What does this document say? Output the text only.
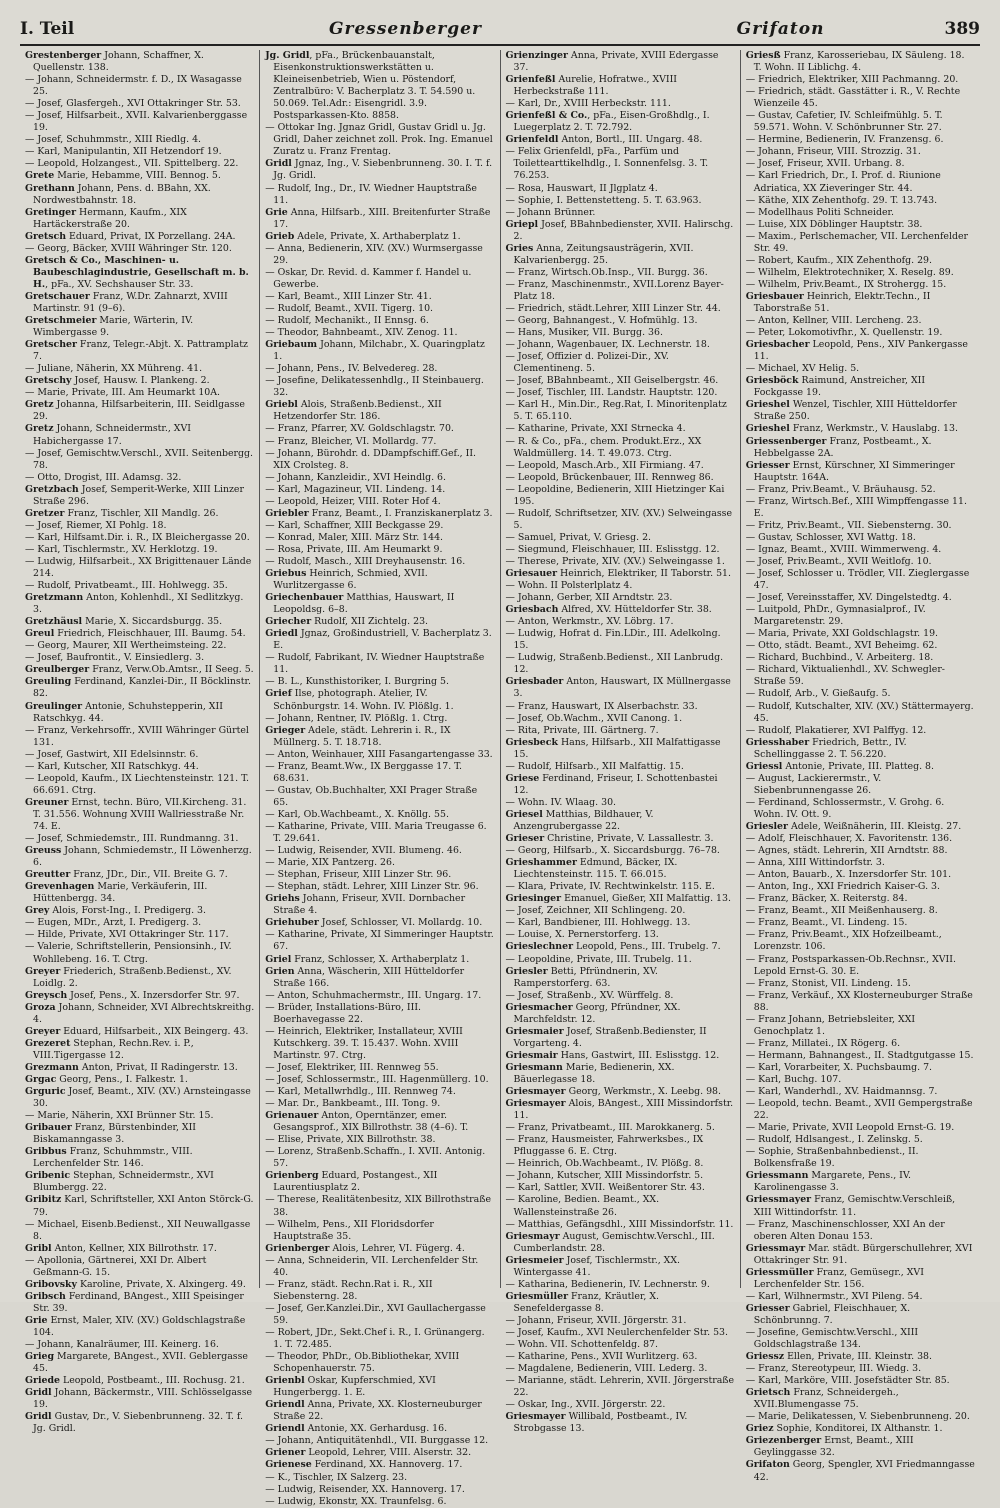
I. Teil	Gressenberger	Grifaton	389

Grestenberger Johann, Schaffner, X. Quellenstr. 138.

— Johann, Schneidermstr. f. D., IX Wasagasse 25.

— Josef, Glasfergeh., XVI Ottakringer Str. 53.

— Josef, Hilfsarbeit., XVII. Kalvarienberggasse 19.

— Josef, Schuhmmstr., XIII Riedlg. 4.

— Karl, Manipulantin, XII Hetzendorf 19.

— Leopold, Holzangest., VII. Spittelberg. 22.

Grete Marie, Hebamme, VIII. Bennog. 5.

Grethann Johann, Pens. d. BBahn, XX. Nordwestbahnstr. 18.

Gretinger Hermann, Kaufm., XIX Hartäckerstraße 20.

Gretsch Eduard, Privat, IX Porzellang. 24A.

— Georg, Bäcker, XVIII Währinger Str. 120.

Gretsch & Co., Maschinen- u. Baubeschlagindustrie, Gesellschaft m. b. H., pFa., XV. Sechshauser Str. 33.

Gretschauer Franz, W.Dr. Zahnarzt, XVIII Martinstr. 91 (9–6).

Gretschmeier Marie, Wärterin, IV. Wimbergasse 9.

Gretscher Franz, Telegr.-Abjt. X. Pattramplatz 7.

— Juliane, Näherin, XX Mühreng. 41.

Gretschy Josef, Hausw. I. Plankeng. 2.

— Marie, Private, III. Am Heumarkt 10A.

Gretz Johanna, Hilfsarbeiterin, III. Seidlgasse 29.

Gretz Johann, Schneidermstr., XVI Habichergasse 17.

— Josef, Gemischtw.Verschl., XVII. Seitenbergg. 78.

— Otto, Drogist, III. Adamsg. 32.

Gretzbach Josef, Semperit-Werke, XIII Linzer Straße 296.

Gretzer Franz, Tischler, XII Mandlg. 26.

— Josef, Riemer, XI Pohlg. 18.

— Karl, Hilfsamt.Dir. i. R., IX Bleichergasse 20.

— Karl, Tischlermstr., XV. Herklotzg. 19.

— Ludwig, Hilfsarbeit., XX Brigittenauer Lände 214.

— Rudolf, Privatbeamt., III. Hohlwegg. 35.

Gretzmann Anton, Kohlenhdl., XI Sedlitzkyg. 3.

Gretzhäusl Marie, X. Siccardsburgg. 35.

Greul Friedrich, Fleischhauer, III. Baumg. 54.

— Georg, Maurer, XII Wertheimsteing. 22.

— Josef, Baufrontit., V. Einsiedlerg. 3.

Greulberger Franz, Verw.Ob.Amtsr., II Seeg. 5.

Greuling Ferdinand, Kanzlei-Dir., II Böcklinstr. 82.

Greulinger Antonie, Schuhstepperin, XII Ratschkyg. 44.

— Franz, Verkehrsoffr., XVIII Währinger Gürtel 131.

— Josef, Gastwirt, XII Edelsinnstr. 6.

— Karl, Kutscher, XII Ratschkyg. 44.

— Leopold, Kaufm., IX Liechtensteinstr. 121. T. 66.691. Ctrg.

Greuner Ernst, techn. Büro, VII.Kircheng. 31. T. 31.556. Wohnung XVIII Wallriesstraße Nr. 74. E.

— Josef, Schmiedemstr., III. Rundmanng. 31.

Greuss Johann, Schmiedemstr., II Löwenherzg. 6.

Greutter Franz, JDr., Dir., VII. Breite G. 7.

Grevenhagen Marie, Verkäuferin, III. Hüttenbergg. 34.

Grey Alois, Forst-Ing., I. Predigerg. 3.

— Eugen, MDr., Arzt, I. Predigerg. 3.

— Hilde, Private, XVI Ottakringer Str. 117.

— Valerie, Schriftstellerin, Pensionsinh., IV. Wohllebeng. 16. T. Ctrg.

Greyer Friederich, Straßenb.Bedienst., XV. Loidlg. 2.

Greysch Josef, Pens., X. Inzersdorfer Str. 97.

Groza Johann, Schneider, XVI Albrechtskreithg. 4.

Greyer Eduard, Hilfsarbeit., XIX Beingerg. 43.

Grezeret Stephan, Rechn.Rev. i. P., VIII.Tigergasse 12.

Grezmann Anton, Privat, II Radingerstr. 13.

Grgac Georg, Pens., I. Falkestr. 1.

Grguric Josef, Beamt., XIV. (XV.) Arnsteingasse 30.

— Marie, Näherin, XXI Brünner Str. 15.

Gribauer Franz, Bürstenbinder, XII Biskamanngasse 3.

Gribbus Franz, Schuhmmstr., VIII. Lerchenfelder Str. 146.

Gribenic Stephan, Schneidermstr., XVI Blumbergg. 22.

Gribitz Karl, Schriftsteller, XXI Anton Störck-G. 79.

— Michael, Eisenb.Bedienst., XII Neuwallgasse 8.

Gribl Anton, Kellner, XIX Billrothstr. 17.

— Apollonia, Gärtnerei, XXI Dr. Albert Geßmann-G. 15.

Gribovsky Karoline, Private, X. Alxingerg. 49.

Gribsch Ferdinand, BAngest., XIII Speisinger Str. 39.

Grie Ernst, Maler, XIV. (XV.) Goldschlagstraße 104.

— Johann, Kanalräumer, III. Keinerg. 16.

Grieg Margarete, BAngest., XVII. Geblergasse 45.

Griede Leopold, Postbeamt., III. Rochusg. 21.

Gridl Johann, Bäckermstr., VIII. Schlösselgasse 19.

Gridl Gustav, Dr., V. Siebenbrunneng. 32. T. f. Jg. Gridl.

Jg. Gridl, pFa., Brückenbauanstalt, Eisenkonstruktionswerkstätten u. Kleineisenbetrieb, Wien u. Pöstendorf, Zentralbüro: V. Bacherplatz 3. T. 54.590 u. 50.069. Tel.Adr.: Eisengridl. 3.9. Postsparkassen-Kto. 8858.

— Ottokar Ing. Jgnaz Gridl, Gustav Gridl u. Jg. Gridl, Daher zeichnet zoll. Prok. Ing. Emanuel Zuratz u. Franz Frentag.

Gridl Jgnaz, Ing., V. Siebenbrunneng. 30. I. T. f. Jg. Gridl.

— Rudolf, Ing., Dr., IV. Wiedner Hauptstraße 11.

Grie Anna, Hilfsarb., XIII. Breitenfurter Straße 17.

Grieb Adele, Private, X. Arthaberplatz 1.

— Anna, Bedienerin, XIV. (XV.) Wurmsergasse 29.

— Oskar, Dr. Revid. d. Kammer f. Handel u. Gewerbe.

— Karl, Beamt., XIII Linzer Str. 41.

— Rudolf, Beamt., XVII. Tigerg. 10.

— Rudolf, Mechanikt., II Ennsg. 6.

— Theodor, Bahnbeamt., XIV. Zenog. 11.

Griebaum Johann, Milchabr., X. Quaringplatz 1.

— Johann, Pens., IV. Belvedereg. 28.

— Josefine, Delikatessenhdlg., II Steinbauerg. 32.

Griebl Alois, Straßenb.Bedienst., XII Hetzendorfer Str. 186.

— Franz, Pfarrer, XV. Goldschlagstr. 70.

— Franz, Bleicher, VI. Mollardg. 77.

— Johann, Bürohdr. d. DDampfschiff.Gef., II. XIX Crolsteg. 8.

— Johann, Kanzleidir., XVI Heindlg. 6.

— Karl, Magazineur, VII. Lindeng. 14.

— Leopold, Heizer, VIII. Roter Hof 4.

Griebler Franz, Beamt., I. Franziskanerplatz 3.

— Karl, Schaffner, XIII Beckgasse 29.

— Konrad, Maler, XIII. März Str. 144.

— Rosa, Private, III. Am Heumarkt 9.

— Rudolf, Masch., XIII Dreyhausenstr. 16.

Griebus Heinrich, Schmied, XVII. Wurlitzergasse 6.

Griechenbauer Matthias, Hauswart, II Leopoldsg. 6–8.

Griecher Rudolf, XII Zichtelg. 23.

Griedl Jgnaz, Großindustriell, V. Bacherplatz 3. E.

— Rudolf, Fabrikant, IV. Wiedner Hauptstraße 11.

— B. L., Kunsthistoriker, I. Burgring 5.

Grief Ilse, photograph. Atelier, IV. Schönburgstr. 14. Wohn. IV. Plößlg. 1.

— Johann, Rentner, IV. Plößlg. 1. Ctrg.

Grieger Adele, städt. Lehrerin i. R., IX Müllnerg. 5. T. 18.718.

— Anton, Weinhauer, XIII Fasangartengasse 33.

— Franz, Beamt.Ww., IX Berggasse 17. T. 68.631.

— Gustav, Ob.Buchhalter, XXI Prager Straße 65.

— Karl, Ob.Wachbeamt., X. Knöllg. 55.

— Katharine, Private, VIII. Maria Treugasse 6. T. 29.641.

— Ludwig, Reisender, XVII. Blumeng. 46.

— Marie, XIX Pantzerg. 26.

— Stephan, Friseur, XIII Linzer Str. 96.

— Stephan, städt. Lehrer, XIII Linzer Str. 96.

Griehs Johann, Friseur, XVII. Dornbacher Straße 4.

Griehuber Josef, Schlosser, VI. Mollardg. 10.

— Katharine, Private, XI Simmeringer Hauptstr. 67.

Griel Franz, Schlosser, X. Arthaberplatz 1.

Grien Anna, Wäscherin, XIII Hütteldorfer Straße 166.

— Anton, Schuhmachermstr., III. Ungarg. 17.

— Brüder, Installations-Büro, III. Boerhavegasse 22.

— Heinrich, Elektriker, Installateur, XVIII Kutschkerg. 39. T. 15.437. Wohn. XVIII Martinstr. 97. Ctrg.

— Josef, Elektriker, III. Rennweg 55.

— Josef, Schlossermstr., III. Hagenmüllerg. 10.

— Karl, Metallwrhdlg., III. Rennweg 74.

— Mar. Dr., Bankbeamt., III. Tong. 9.

Grienauer Anton, Operntänzer, emer. Gesangsprof., XIX Billrothstr. 38 (4–6). T.

— Elise, Private, XIX Billrothstr. 38.

— Lorenz, Straßenb.Schaffn., I. XVII. Antonig. 57.

Grienberg Eduard, Postangest., XII Laurentiusplatz 2.

— Therese, Realitätenbesitz, XIX Billrothstraße 38.

— Wilhelm, Pens., XII Floridsdorfer Hauptstraße 35.

Grienberger Alois, Lehrer, VI. Fügerg. 4.

— Anna, Schneiderin, VII. Lerchenfelder Str. 40.

— Franz, städt. Rechn.Rat i. R., XII Siebensterng. 28.

— Josef, Ger.Kanzlei.Dir., XVI Gaullachergasse 59.

— Robert, JDr., Sekt.Chef i. R., I. Grünangerg. 1. T. 72.485.

— Theodor, PhDr., Ob.Bibliothekar, XVIII Schopenhauerstr. 75.

Grienbl Oskar, Kupferschmied, XVI Hungerbergg. 1. E.

Griendl Anna, Private, XX. Klosterneuburger Straße 22.

Griendl Antonie, XX. Gerhardusg. 16.

— Johann, Antiquitätenhdl., VII. Burggasse 12.

Griener Leopold, Lehrer, VIII. Alserstr. 32.

Grienese Ferdinand, XX. Hannoverg. 17.

— K., Tischler, IX Salzerg. 23.

— Ludwig, Reisender, XX. Hannoverg. 17.

— Ludwig, Ekonstr, XX. Traunfelsg. 6.

Grienzinger Anna, Private, XVIII Edergasse 37.

Grienfeßl Aurelie, Hofratwe., XVIII Herbeckstraße 111.

— Karl, Dr., XVIII Herbeckstr. 111.

Grienfeßl & Co., pFa., Eisen-Großhdlg., I. Luegerplatz 2. T. 72.792.

Grienfeldl Anton, Bortl., III. Ungarg. 48.

— Felix Grienfeldl, pFa., Parfüm und Toilettearttikelhdlg., I. Sonnenfelsg. 3. T. 76.253.

— Rosa, Hauswart, II Jlgplatz 4.

— Sophie, I. Bettenstetteng. 5. T. 63.963.

— Johann Brünner.

Griepl Josef, BBahnbedienster, XVII. Halirschg. 2.

Gries Anna, Zeitungsausträgerin, XVII. Kalvarienbergg. 25.

— Franz, Wirtsch.Ob.Insp., VII. Burgg. 36.

— Franz, Maschinenmstr., XVII.Lorenz Bayer-Platz 18.

— Friedrich, städt.Lehrer, XIII Linzer Str. 44.

— Georg, Bahnangest., V. Hofmühlg. 13.

— Hans, Musiker, VII. Burgg. 36.

— Johann, Wagenbauer, IX. Lechnerstr. 18.

— Josef, Offizier d. Polizei-Dir., XV. Clementineng. 5.

— Josef, BBahnbeamt., XII Geiselbergstr. 46.

— Josef, Tischler, III. Landstr. Hauptstr. 120.

— Karl H., Min.Dir., Reg.Rat, I. Minoritenplatz 5. T. 65.110.

— Katharine, Private, XXI Strnecka 4.

— R. & Co., pFa., chem. Produkt.Erz., XX Waldmüllerg. 14. T. 49.073. Ctrg.

— Leopold, Masch.Arb., XII Firmiang. 47.

— Leopold, Brückenbauer, III. Rennweg 86.

— Leopoldine, Bedienerin, XIII Hietzinger Kai 195.

— Rudolf, Schriftsetzer, XIV. (XV.) Selweingasse 5.

— Samuel, Privat, V. Griesg. 2.

— Siegmund, Fleischhauer, III. Eslisstgg. 12.

— Therese, Private, XIV. (XV.) Selweingasse 1.

Griesauer Heinrich, Elektriker, II Taborstr. 51.

— Wohn. II Polsterlplatz 4.

— Johann, Gerber, XII Arndtstr. 23.

Griesbach Alfred, XV. Hütteldorfer Str. 38.

— Anton, Werkmstr., XV. Löbrg. 17.

— Ludwig, Hofrat d. Fin.LDir., III. Adelkolng. 15.

— Ludwig, Straßenb.Bedienst., XII Lanbrudg. 12.

Griesbader Anton, Hauswart, IX Müllnergasse 3.

— Franz, Hauswart, IX Alserbachstr. 33.

— Josef, Ob.Wachm., XVII Canong. 1.

— Rita, Private, III. Gärtnerg. 7.

Griesbeck Hans, Hilfsarb., XII Malfattigasse 15.

— Rudolf, Hilfsarb., XII Malfattig. 15.

Griese Ferdinand, Friseur, I. Schottenbastei 12.

— Wohn. IV. Wlaag. 30.

Griesel Matthias, Bildhauer, V. Anzengrubergasse 22.

Grieser Christine, Private, V. Lassallestr. 3.

— Georg, Hilfsarb., X. Siccardsburgg. 76–78.

Grieshammer Edmund, Bäcker, IX. Liechtensteinstr. 115. T. 66.015.

— Klara, Private, IV. Rechtwinkelstr. 115. E.

Griesinger Emanuel, Gießer, XII Malfattig. 13.

— Josef, Zeichner, XII Schlingeng. 20.

— Karl, Bandbiener, III. Hohlwegg. 13.

— Louise, X. Pernerstorferg. 13.

Grieslechner Leopold, Pens., III. Trubelg. 7.

— Leopoldine, Private, III. Trubelg. 11.

Griesler Betti, Pfründnerin, XV. Ramperstorferg. 63.

— Josef, Straßenb., XV. Würffelg. 8.

Griesmacher Georg, Pfründner, XX. Marchfeldstr. 12.

Griesmaier Josef, Straßenb.Bedienster, II Vorgarteng. 4.

Griesmair Hans, Gastwirt, III. Eslisstgg. 12.

Griesmann Marie, Bedienerin, XX. Bäuerlegasse 18.

Griesmayer Georg, Werkmstr., X. Leebg. 98.

Griesmayer Alois, BAngest., XIII Missindorfstr. 11.

— Franz, Privatbeamt., III. Marokkanerg. 5.

— Franz, Hausmeister, Fahrwerksbes., IX Pfluggasse 6. E. Ctrg.

— Heinrich, Ob.Wachbeamt., IV. Plößg. 8.

— Johann, Kutscher, XIII Missindorfstr. 5.

— Karl, Sattler, XVII. Weißentorer Str. 43.

— Karoline, Bedien. Beamt., XX. Wallensteinstraße 26.

— Matthias, Gefängsdhl., XIII Missindorfstr. 11.

Griesmayr August, Gemischtw.Verschl., III. Cumberlandstr. 28.

Griesmeier Josef, Tischlermstr., XX. Wintergasse 41.

— Katharina, Bedienerin, IV. Lechnerstr. 9.

Griesmüller Franz, Kräutler, X. Senefeldergasse 8.

— Johann, Friseur, XVII. Jörgerstr. 31.

— Josef, Kaufm., XVI Neulerchenfelder Str. 53.

— Wohn. VII. Schottenfeldg. 87.

— Katharine, Pens., XVII Wurlitzerg. 63.

— Magdalene, Bedienerin, VIII. Lederg. 3.

— Marianne, städt. Lehrerin, XVII. Jörgerstraße 22.

— Oskar, Ing., XVII. Jörgerstr. 22.

Griesmayer Willibald, Postbeamt., IV. Strobgasse 13.

Griesß Franz, Karosseriebau, IX Säuleng. 18. T. Wohn. II Liblichg. 4.

— Friedrich, Elektriker, XIII Pachmanng. 20.

— Friedrich, städt. Gasstätter i. R., V. Rechte Wienzeile 45.

— Gustav, Cafetier, IV. Schleifmühlg. 5. T. 59.571. Wohn. V. Schönbrunner Str. 27.

— Hermine, Bedienerin, IV. Franzensg. 6.

— Johann, Friseur, VIII. Strozzig. 31.

— Josef, Friseur, XVII. Urbang. 8.

— Karl Friedrich, Dr., I. Prof. d. Riunione Adriatica, XX Zieveringer Str. 44.

— Käthe, XIX Zehenthofg. 29. T. 13.743.

— Modellhaus Politi Schneider.

— Luise, XIX Döblinger Hauptstr. 38.

— Maxim., Perlschemacher, VII. Lerchenfelder Str. 49.

— Robert, Kaufm., XIX Zehenthofg. 29.

— Wilhelm, Elektrotechniker, X. Reselg. 89.

— Wilhelm, Priv.Beamt., IX Strohergg. 15.

Griesbauer Heinrich, Elektr.Techn., II Taborstraße 51.

— Anton, Kellner, VIII. Lercheng. 23.

— Peter, Lokomotivfhr., X. Quellenstr. 19.

Griesbacher Leopold, Pens., XIV Pankergasse 11.

— Michael, XV Helig. 5.

Griesböck Raimund, Anstreicher, XII Fockgasse 19.

Grieshel Wenzel, Tischler, XIII Hütteldorfer Straße 250.

Grieshel Franz, Werkmstr., V. Hauslabg. 13.

Griessenberger Franz, Postbeamt., X. Hebbelgasse 2A.

Griesser Ernst, Kürschner, XI Simmeringer Hauptstr. 164A.

— Franz, Priv.Beamt., V. Bräuhausg. 52.

— Franz, Wirtsch.Bef., XIII Wimpffengasse 11. E.

— Fritz, Priv.Beamt., VII. Siebensterng. 30.

— Gustav, Schlosser, XVI Wattg. 18.

— Ignaz, Beamt., XVIII. Wimmerweng. 4.

— Josef, Priv.Beamt., XVII Weitlofg. 10.

— Josef, Schlosser u. Trödler, VII. Zieglergasse 47.

— Josef, Vereinsstaffer, XV. Dingelstedtg. 4.

— Luitpold, PhDr., Gymnasialprof., IV. Margaretenstr. 29.

— Maria, Private, XXI Goldschlagstr. 19.

— Otto, städt. Beamt., XVI Beheimg. 62.

— Richard, Buchbind., V. Arbeiterg. 18.

— Richard, Viktualienhdl., XV. Schwegler-Straße 59.

— Rudolf, Arb., V. Gießaufg. 5.

— Rudolf, Kutschalter, XIV. (XV.) Stättermayerg. 45.

— Rudolf, Plakatierer, XVI Palffyg. 12.

Griesshaber Friedrich, Bettr., IV. Schellinggasse 2. T. 56.220.

Griessl Antonie, Private, III. Platteg. 8.

— August, Lackierermstr., V. Siebenbrunnengasse 26.

— Ferdinand, Schlossermstr., V. Grohg. 6. Wohn. IV. Ott. 9.

Griesler Adele, Weißnäherin, III. Kleistg. 27.

— Adolf, Fleischhauer, X. Favoritenstr. 136.

— Agnes, städt. Lehrerin, XII Arndtstr. 88.

— Anna, XIII Wittindorfstr. 3.

— Anton, Bauarb., X. Inzersdorfer Str. 101.

— Anton, Ing., XXI Friedrich Kaiser-G. 3.

— Franz, Bäcker, X. Reiterstg. 84.

— Franz, Beamt., XII Meißenhauserg. 8.

— Franz, Beamt., VI. Lindeng. 15.

— Franz, Priv.Beamt., XIX Hofzeilbeamt., Lorenzstr. 106.

— Franz, Postsparkassen-Ob.Rechnsr., XVII. Lepold Ernst-G. 30. E.

— Franz, Stonist, VII. Lindeng. 15.

— Franz, Verkäuf., XX Klosterneuburger Straße 88.

— Franz Johann, Betriebsleiter, XXI Genochplatz 1.

— Franz, Millatei., IX Rögerg. 6.

— Hermann, Bahnangest., II. Stadtgutgasse 15.

— Karl, Vorarbeiter, X. Puchsbaumg. 7.

— Karl, Buchg. 107.

— Karl, Wanderhdl., XV. Haidmannsg. 7.

— Leopold, techn. Beamt., XVII Gempergstraße 22.

— Marie, Private, XVII Leopold Ernst-G. 19.

— Rudolf, Hdlsangest., I. Zelinskg. 5.

— Sophie, Straßenbahnbedienst., II. Bolkensfraße 19.

Griessmann Margarete, Pens., IV. Karolinengasse 3.

Griessmayer Franz, Gemischtw.Verschleiß, XIII Wittindorfstr. 11.

— Franz, Maschinenschlosser, XXI An der oberen Alten Donau 153.

Griessmayr Mar. städt. Bürgerschullehrer, XVI Ottakringer Str. 91.

Griessmüller Franz, Gemüsegr., XVI Lerchenfelder Str. 156.

— Karl, Wilhnermstr., XVI Pileng. 54.

Griesser Gabriel, Fleischhauer, X. Schönbrunng. 7.

— Josefine, Gemischtw.Verschl., XIII Goldschlagstraße 134.

Griessz Ellen, Private, III. Kleinstr. 38.

— Franz, Stereotypeur, III. Wiedg. 3.

— Karl, Marköre, VIII. Josefstädter Str. 85.

Grietsch Franz, Schneidergeh., XVII.Blumengasse 75.

— Marie, Delikatessen, V. Siebenbrunneng. 20.

Griez Sophie, Konditorei, IX Althanstr. 1.

Griezenberger Ernst, Beamt., XIII Geylinggasse 32.

Grifaton Georg, Spengler, XVI Friedmanngasse 42.
